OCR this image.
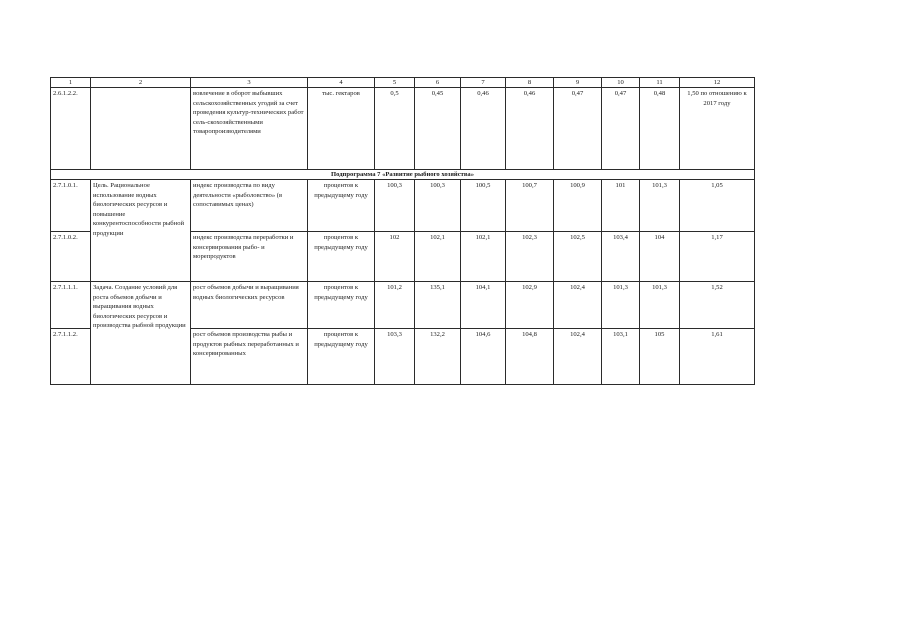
1	2	3	4	5	6	7	8	9	10	11	12
2.6.1.2.2.		вовлечение в оборот выбывших сельскохозяйственных угодий за счет проведения культур-технических работ сель-скохозяйственными товаропроизводителями	тыс. гектаров	0,5	0,45	0,46	0,46	0,47	0,47	0,48	1,50 по отношению к 2017 году
Подпрограмма 7 «Развитие рыбного хозяйства»											
2.7.1.0.1.	Цель. Рациональное использование водных биологических ресурсов и повышение конкурентоспособности рыбной продукции	индекс производства по виду деятельности «рыболовство» (в сопоставимых ценах)	процентов к предыдущему году	100,3	100,3	100,5	100,7	100,9	101	101,3	1,05
2.7.1.0.2.		индекс производства переработки и консервирования рыбо- и морепродуктов	процентов к предыдущему году	102	102,1	102,1	102,3	102,5	103,4	104	1,17
2.7.1.1.1.	Задача. Создание условий для роста объемов добычи и выращивания водных биологических ресурсов и производства рыбной продукции	рост объемов добычи и выращивания водных биологических ресурсов	процентов к предыдущему году	101,2	135,1	104,1	102,9	102,4	101,3	101,3	1,52
2.7.1.1.2.		рост объемов производства рыбы и продуктов рыбных переработанных и консервированных	процентов к предыдущему году	103,3	132,2	104,6	104,8	102,4	103,1	105	1,61
